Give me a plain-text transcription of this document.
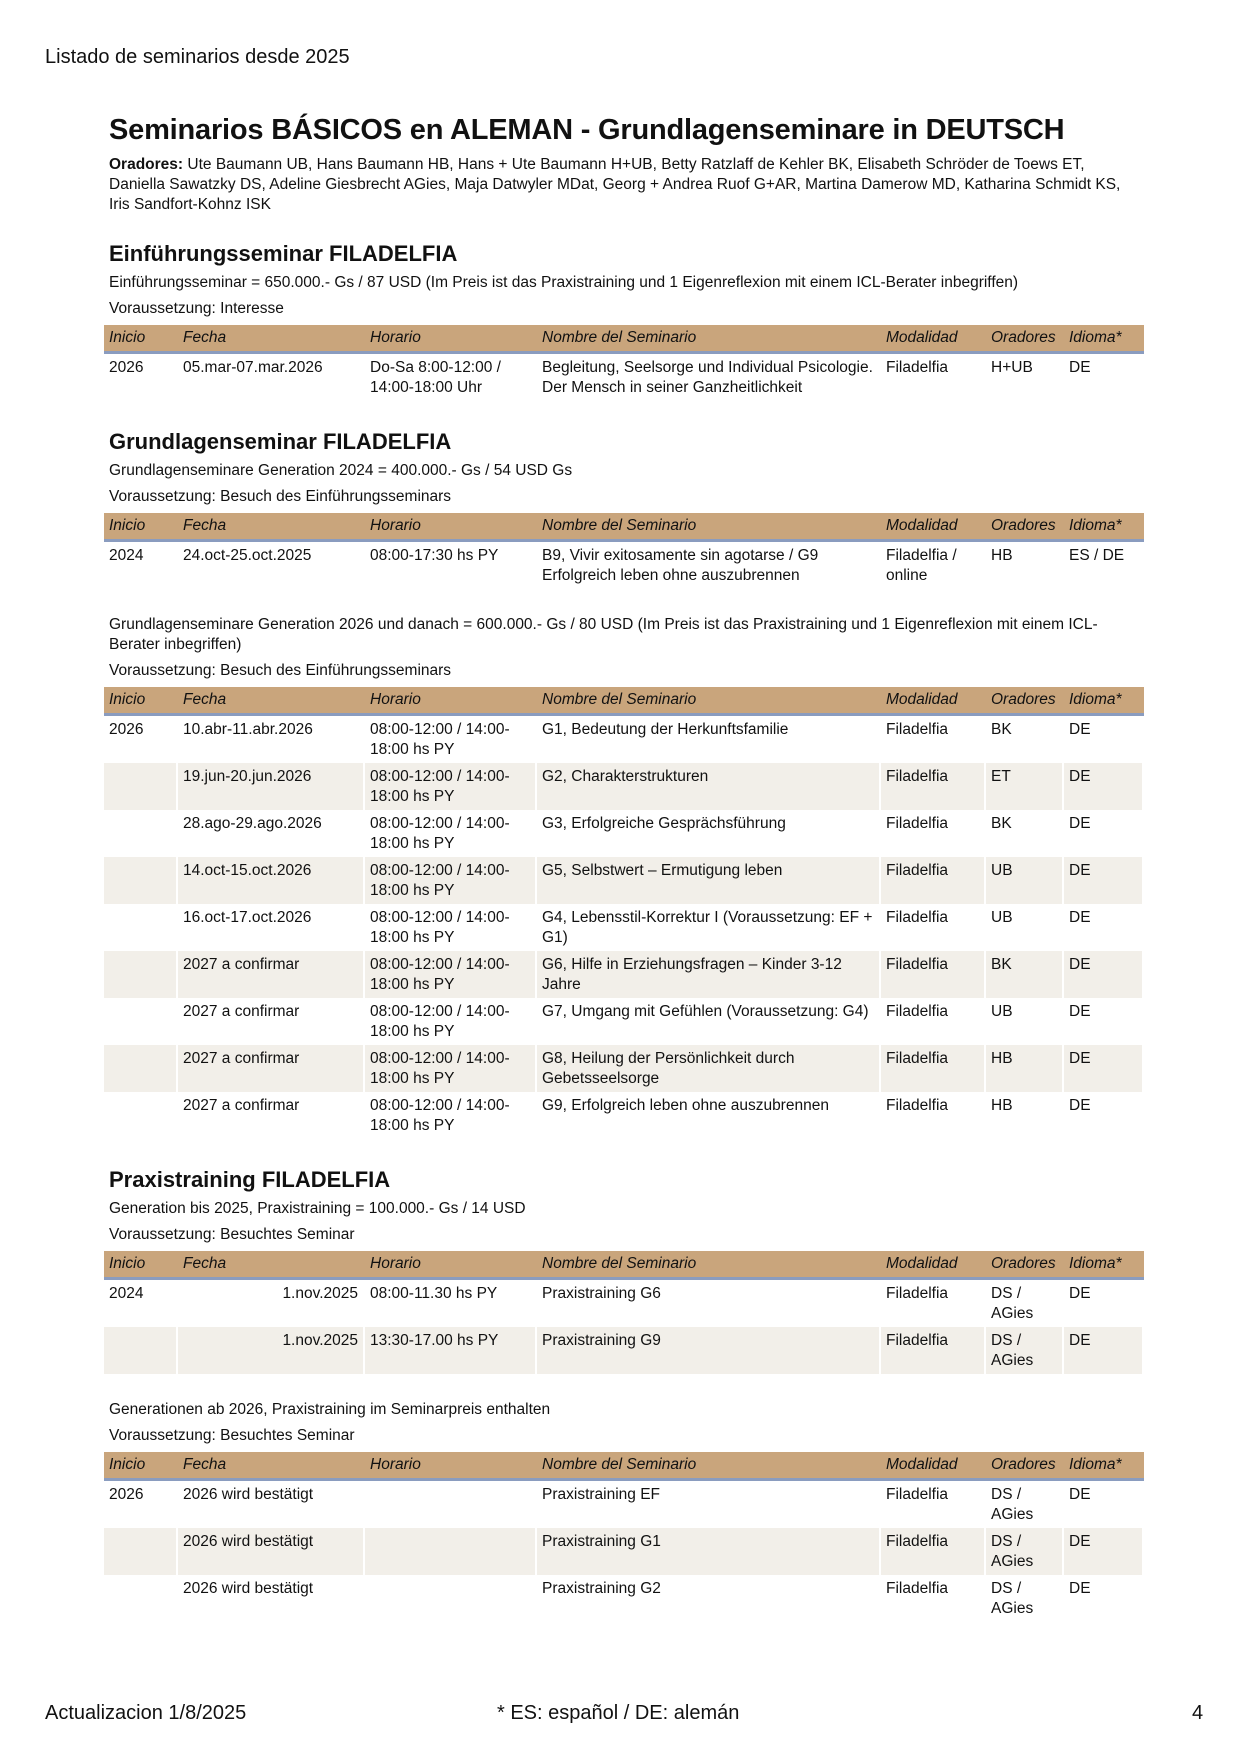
Listado de seminarios desde 2025
Seminarios BÁSICOS en ALEMAN - Grundlagenseminare in DEUTSCH
Oradores: Ute Baumann UB, Hans Baumann HB, Hans + Ute Baumann H+UB, Betty Ratzlaff de Kehler BK, Elisabeth Schröder de Toews ET, Daniella Sawatzky DS, Adeline Giesbrecht AGies, Maja Datwyler MDat, Georg + Andrea Ruof G+AR, Martina Damerow MD, Katharina Schmidt KS, Iris Sandfort-Kohnz ISK
Einführungsseminar FILADELFIA
Einführungsseminar = 650.000.- Gs / 87 USD (Im Preis ist das Praxistraining und 1 Eigenreflexion mit einem ICL-Berater inbegriffen)
Voraussetzung: Interesse
Inicio	Fecha	Horario	Nombre del Seminario	Modalidad	Oradores	Idioma*
2026	05.mar-07.mar.2026	Do-Sa 8:00-12:00 / 14:00-18:00 Uhr	Begleitung, Seelsorge und Individual Psicologie. Der Mensch in seiner Ganzheitlichkeit	Filadelfia	H+UB	DE
Grundlagenseminar FILADELFIA
Grundlagenseminare Generation 2024 = 400.000.- Gs / 54 USD Gs
Voraussetzung: Besuch des Einführungsseminars
Inicio	Fecha	Horario	Nombre del Seminario	Modalidad	Oradores	Idioma*
2024	24.oct-25.oct.2025	08:00-17:30 hs PY	B9, Vivir exitosamente sin agotarse / G9 Erfolgreich leben ohne auszubrennen	Filadelfia / online	HB	ES / DE
Grundlagenseminare Generation 2026 und danach = 600.000.- Gs / 80 USD (Im Preis ist das Praxistraining und 1 Eigenreflexion mit einem ICL-Berater inbegriffen)
Voraussetzung: Besuch des Einführungsseminars
Inicio	Fecha	Horario	Nombre del Seminario	Modalidad	Oradores	Idioma*
2026	10.abr-11.abr.2026	08:00-12:00 / 14:00-18:00 hs PY	G1, Bedeutung der Herkunftsfamilie	Filadelfia	BK	DE
	19.jun-20.jun.2026	08:00-12:00 / 14:00-18:00 hs PY	G2, Charakterstrukturen	Filadelfia	ET	DE
	28.ago-29.ago.2026	08:00-12:00 / 14:00-18:00 hs PY	G3, Erfolgreiche Gesprächsführung	Filadelfia	BK	DE
	14.oct-15.oct.2026	08:00-12:00 / 14:00-18:00 hs PY	G5, Selbstwert – Ermutigung leben	Filadelfia	UB	DE
	16.oct-17.oct.2026	08:00-12:00 / 14:00-18:00 hs PY	G4, Lebensstil-Korrektur I (Voraussetzung: EF + G1)	Filadelfia	UB	DE
	2027 a confirmar	08:00-12:00 / 14:00-18:00 hs PY	G6, Hilfe in Erziehungsfragen – Kinder 3-12 Jahre	Filadelfia	BK	DE
	2027 a confirmar	08:00-12:00 / 14:00-18:00 hs PY	G7, Umgang mit Gefühlen (Voraussetzung: G4)	Filadelfia	UB	DE
	2027 a confirmar	08:00-12:00 / 14:00-18:00 hs PY	G8, Heilung der Persönlichkeit durch Gebetsseelsorge	Filadelfia	HB	DE
	2027 a confirmar	08:00-12:00 / 14:00-18:00 hs PY	G9, Erfolgreich leben ohne auszubrennen	Filadelfia	HB	DE
Praxistraining FILADELFIA
Generation bis 2025, Praxistraining = 100.000.- Gs / 14 USD
Voraussetzung: Besuchtes Seminar
Inicio	Fecha	Horario	Nombre del Seminario	Modalidad	Oradores	Idioma*
2024	1.nov.2025	08:00-11.30 hs PY	Praxistraining G6	Filadelfia	DS / AGies	DE
	1.nov.2025	13:30-17.00 hs PY	Praxistraining G9	Filadelfia	DS / AGies	DE
Generationen ab 2026, Praxistraining im Seminarpreis enthalten
Voraussetzung: Besuchtes Seminar
Inicio	Fecha	Horario	Nombre del Seminario	Modalidad	Oradores	Idioma*
2026	2026 wird bestätigt		Praxistraining EF	Filadelfia	DS / AGies	DE
	2026 wird bestätigt		Praxistraining G1	Filadelfia	DS / AGies	DE
	2026 wird bestätigt		Praxistraining G2	Filadelfia	DS / AGies	DE
Actualizacion 1/8/2025	* ES: español / DE: alemán	4
